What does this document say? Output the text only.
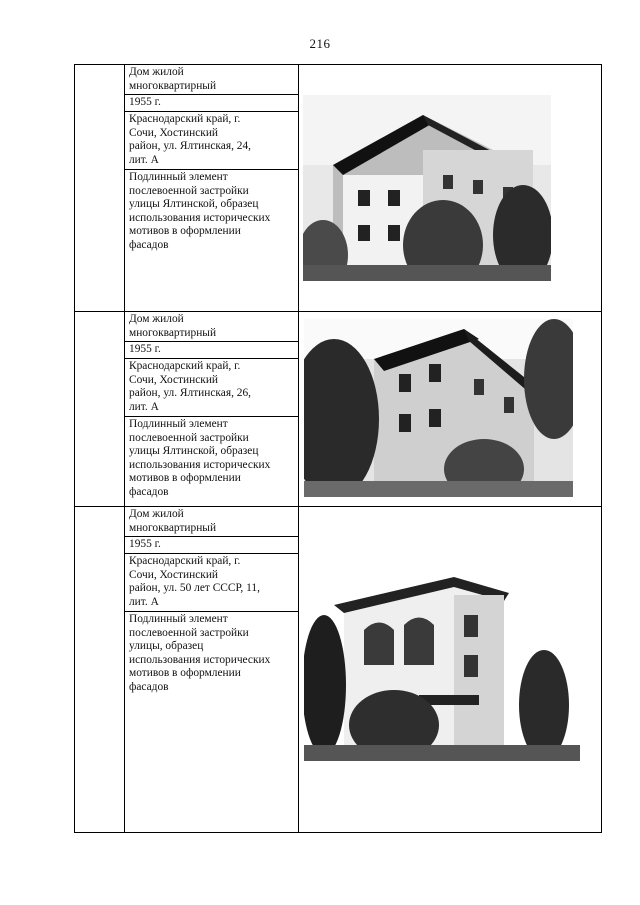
216
Дом жилой
многоквартирный
1955 г.
Краснодарский край, г.
Сочи, Хостинский
район, ул. Ялтинская, 24,
лит. А
Подлинный элемент
послевоенной застройки
улицы Ялтинской, образец
использования исторических
мотивов в оформлении
фасадов
Дом жилой
многоквартирный
1955 г.
Краснодарский край, г.
Сочи, Хостинский
район, ул. Ялтинская, 26,
лит. А
Подлинный элемент
послевоенной застройки
улицы Ялтинской, образец
использования исторических
мотивов в оформлении
фасадов
Дом жилой
многоквартирный
1955 г.
Краснодарский край, г.
Сочи, Хостинский
район, ул. 50 лет СССР, 11,
лит. А
Подлинный элемент
послевоенной застройки
улицы, образец
использования исторических
мотивов в оформлении
фасадов
